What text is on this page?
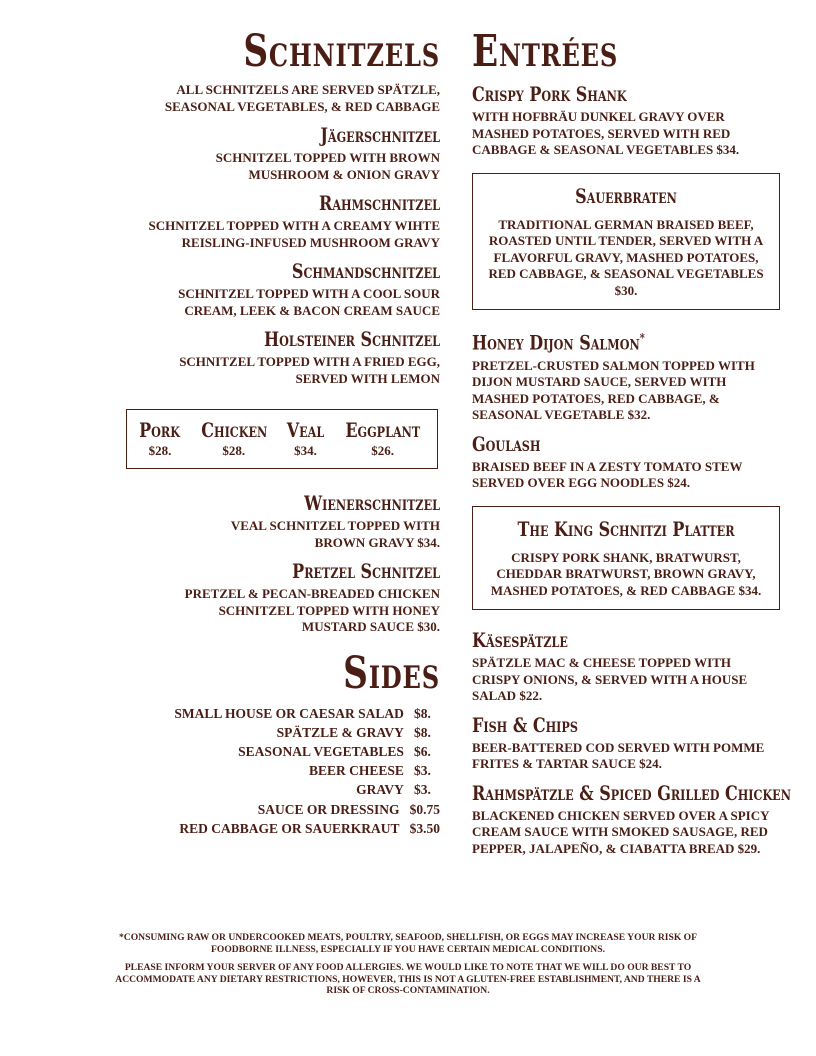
Schnitzels

ALL SCHNITZELS ARE SERVED SPÄTZLE, SEASONAL VEGETABLES, & RED CABBAGE

Jägerschnitzel

SCHNITZEL TOPPED WITH BROWN MUSHROOM & ONION GRAVY

Rahmschnitzel

SCHNITZEL TOPPED WITH A CREAMY WIHTE REISLING-INFUSED MUSHROOM GRAVY

Schmandschnitzel

SCHNITZEL TOPPED WITH A COOL SOUR CREAM, LEEK & BACON CREAM SAUCE

Holsteiner Schnitzel

SCHNITZEL TOPPED WITH A FRIED EGG, SERVED WITH LEMON

Pork
$28.
Chicken
$28.
Veal
$34.
Eggplant
$26.
Wienerschnitzel

VEAL SCHNITZEL TOPPED WITH BROWN GRAVY $34.

Pretzel Schnitzel

PRETZEL & PECAN-BREADED CHICKEN SCHNITZEL TOPPED WITH HONEY MUSTARD SAUCE $30.

Sides
SMALL HOUSE OR CAESAR SALAD $8.
SPÄTZLE & GRAVY $8.
SEASONAL VEGETABLES $6.
BEER CHEESE $3.
GRAVY $3.
SAUCE OR DRESSING $0.75
RED CABBAGE OR SAUERKRAUT $3.50
Entrées
Crispy Pork Shank

WITH HOFBRÄU DUNKEL GRAVY OVER MASHED POTATOES, SERVED WITH RED CABBAGE & SEASONAL VEGETABLES $34.

Sauerbraten

TRADITIONAL GERMAN BRAISED BEEF, ROASTED UNTIL TENDER, SERVED WITH A FLAVORFUL GRAVY, MASHED POTATOES, RED CABBAGE, & SEASONAL VEGETABLES $30.

Honey Dijon Salmon*

PRETZEL-CRUSTED SALMON TOPPED WITH DIJON MUSTARD SAUCE, SERVED WITH MASHED POTATOES, RED CABBAGE, & SEASONAL VEGETABLE $32.

Goulash

BRAISED BEEF IN A ZESTY TOMATO STEW SERVED OVER EGG NOODLES $24.

The King Schnitzi Platter

CRISPY PORK SHANK, BRATWURST, CHEDDAR BRATWURST, BROWN GRAVY, MASHED POTATOES, & RED CABBAGE $34.

Käsespätzle

SPÄTZLE MAC & CHEESE TOPPED WITH CRISPY ONIONS, & SERVED WITH A HOUSE SALAD $22.

Fish & Chips

BEER-BATTERED COD SERVED WITH POMME FRITES & TARTAR SAUCE $24.

Rahmspätzle & Spiced Grilled Chicken

BLACKENED CHICKEN SERVED OVER A SPICY CREAM SAUCE WITH SMOKED SAUSAGE, RED PEPPER, JALAPEÑO, & CIABATTA BREAD $29.

*CONSUMING RAW OR UNDERCOOKED MEATS, POULTRY, SEAFOOD, SHELLFISH, OR EGGS MAY INCREASE YOUR RISK OF FOODBORNE ILLNESS, ESPECIALLY IF YOU HAVE CERTAIN MEDICAL CONDITIONS.

PLEASE INFORM YOUR SERVER OF ANY FOOD ALLERGIES. WE WOULD LIKE TO NOTE THAT WE WILL DO OUR BEST TO ACCOMMODATE ANY DIETARY RESTRICTIONS, HOWEVER, THIS IS NOT A GLUTEN-FREE ESTABLISHMENT, AND THERE IS A RISK OF CROSS-CONTAMINATION.
